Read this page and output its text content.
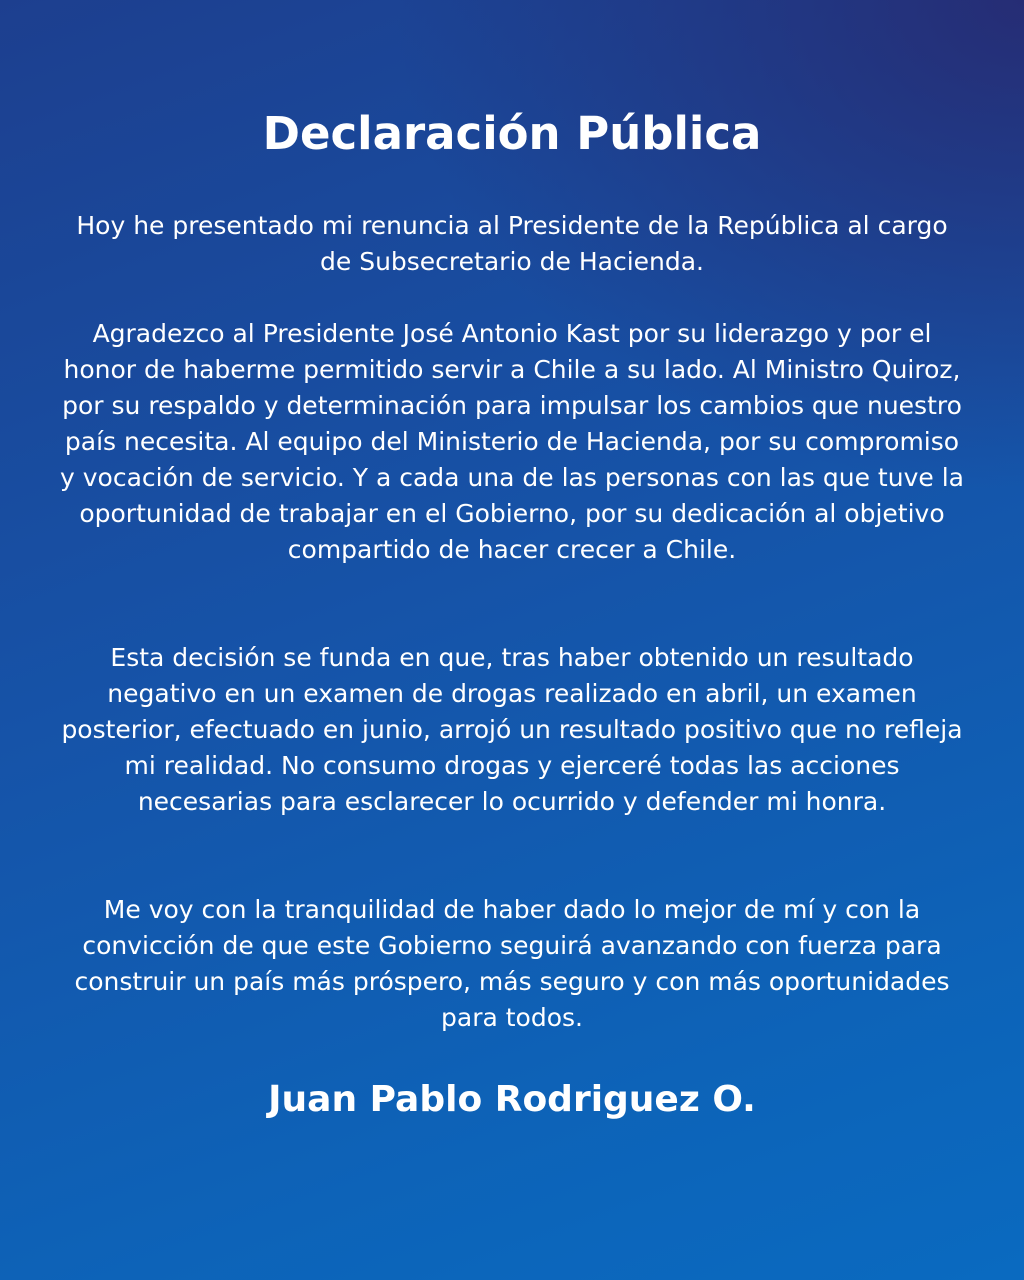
Declaración Pública

Hoy he presentado mi renuncia al Presidente de la República al cargo de Subsecretario de Hacienda.

Agradezco al Presidente José Antonio Kast por su liderazgo y por el honor de haberme permitido servir a Chile a su lado. Al Ministro Quiroz, por su respaldo y determinación para impulsar los cambios que nuestro país necesita. Al equipo del Ministerio de Hacienda, por su compromiso y vocación de servicio. Y a cada una de las personas con las que tuve la oportunidad de trabajar en el Gobierno, por su dedicación al objetivo compartido de hacer crecer a Chile.

Esta decisión se funda en que, tras haber obtenido un resultado negativo en un examen de drogas realizado en abril, un examen posterior, efectuado en junio, arrojó un resultado positivo que no refleja mi realidad. No consumo drogas y ejerceré todas las acciones necesarias para esclarecer lo ocurrido y defender mi honra.

Me voy con la tranquilidad de haber dado lo mejor de mí y con la convicción de que este Gobierno seguirá avanzando con fuerza para construir un país más próspero, más seguro y con más oportunidades para todos.

Juan Pablo Rodriguez O.
